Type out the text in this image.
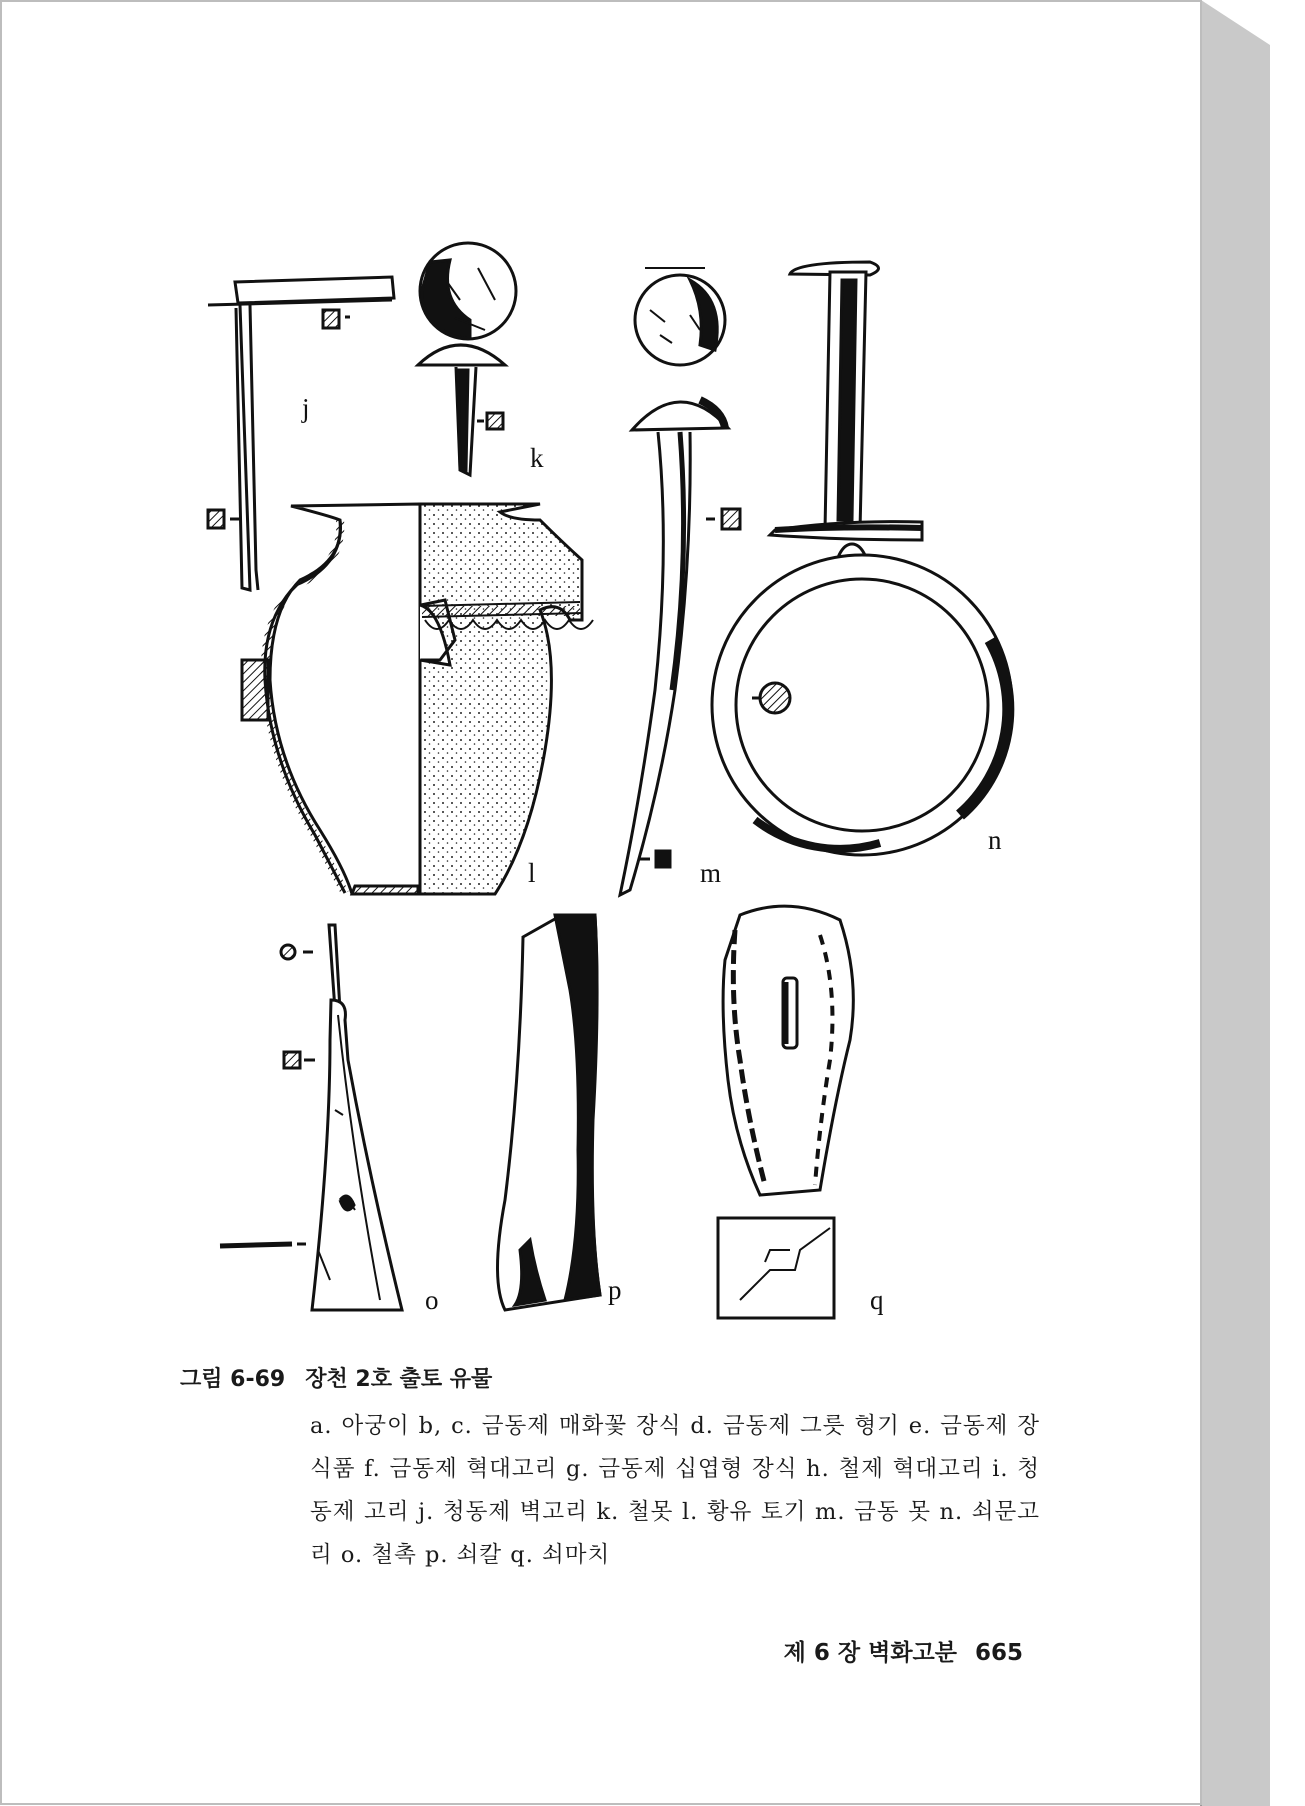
j
k
l	m
n
o	p	q
그림 6-69 장천 2호 출토 유물
a. 아궁이 b, c. 금동제 매화꽃 장식 d. 금동제 그릇 형기 e. 금동제 장식품 f. 금동제 혁대고리 g. 금동제 십엽형 장식 h. 철제 혁대고리 i. 청동제 고리 j. 청동제 벽고리 k. 철못 l. 황유 토기 m. 금동 못 n. 쇠문고리 o. 철촉 p. 쇠칼 q. 쇠마치
제 6 장 벽화고분 665
